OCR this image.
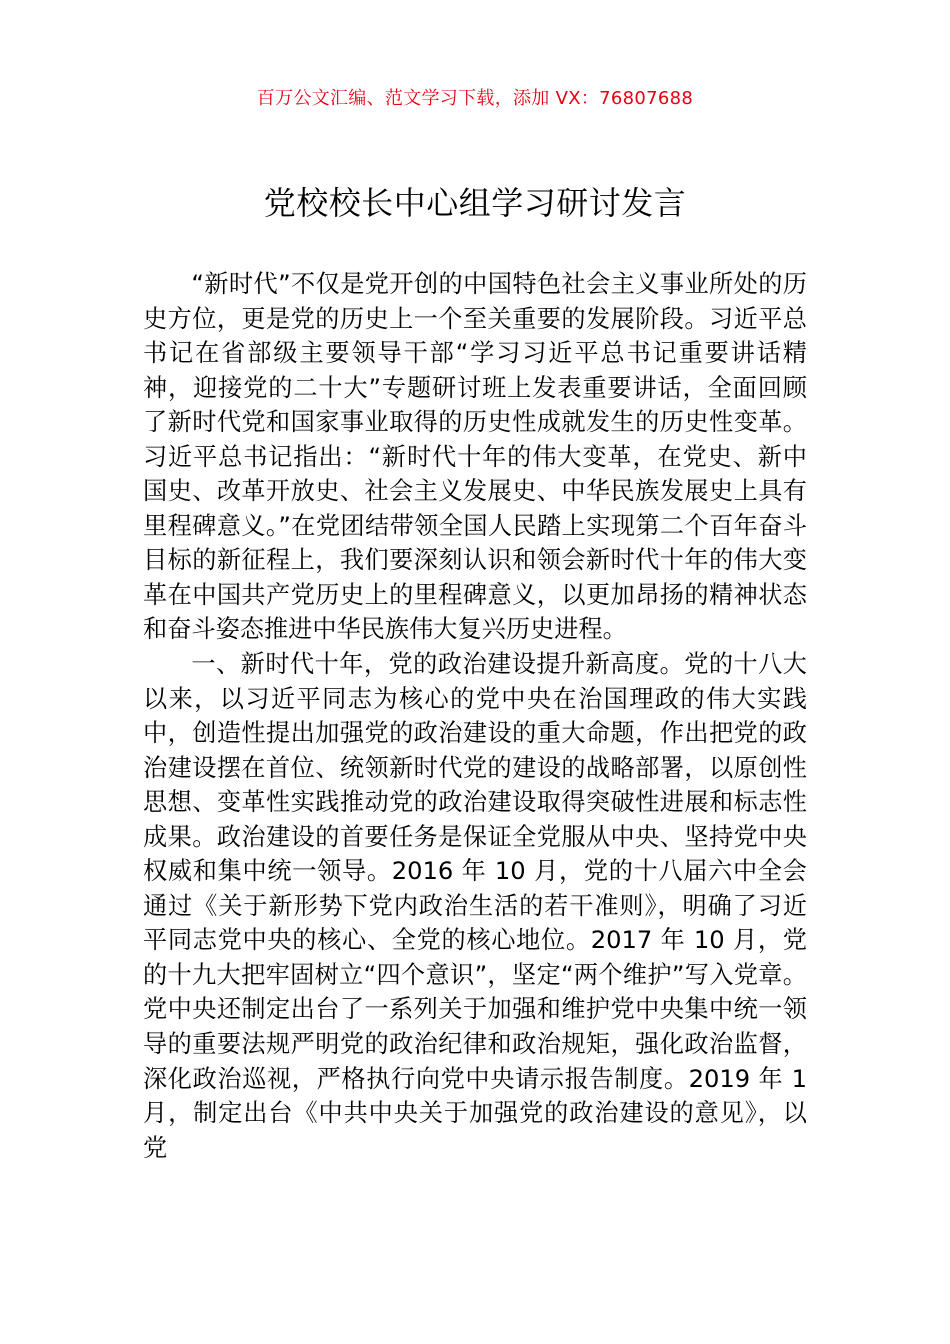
百万公文汇编、范文学习下载，添加 VX：76807688
党校校长中心组学习研讨发言

“新时代”不仅是党开创的中国特色社会主义事业所处的历史方位，更是党的历史上一个至关重要的发展阶段。习近平总书记在省部级主要领导干部“学习习近平总书记重要讲话精神，迎接党的二十大”专题研讨班上发表重要讲话，全面回顾了新时代党和国家事业取得的历史性成就发生的历史性变革。习近平总书记指出：“新时代十年的伟大变革，在党史、新中国史、改革开放史、社会主义发展史、中华民族发展史上具有里程碑意义。”在党团结带领全国人民踏上实现第二个百年奋斗目标的新征程上，我们要深刻认识和领会新时代十年的伟大变革在中国共产党历史上的里程碑意义，以更加昂扬的精神状态和奋斗姿态推进中华民族伟大复兴历史进程。

一、新时代十年，党的政治建设提升新高度。党的十八大以来，以习近平同志为核心的党中央在治国理政的伟大实践中，创造性提出加强党的政治建设的重大命题，作出把党的政治建设摆在首位、统领新时代党的建设的战略部署，以原创性思想、变革性实践推动党的政治建设取得突破性进展和标志性成果。政治建设的首要任务是保证全党服从中央、坚持党中央权威和集中统一领导。2016 年 10 月，党的十八届六中全会通过《关于新形势下党内政治生活的若干准则》，明确了习近平同志党中央的核心、全党的核心地位。2017 年 10 月，党的十九大把牢固树立“四个意识”，坚定“两个维护”写入党章。党中央还制定出台了一系列关于加强和维护党中央集中统一领导的重要法规严明党的政治纪律和政治规矩，强化政治监督，深化政治巡视，严格执行向党中央请示报告制度。2019 年 1 月，制定出台《中共中央关于加强党的政治建设的意见》，以党
